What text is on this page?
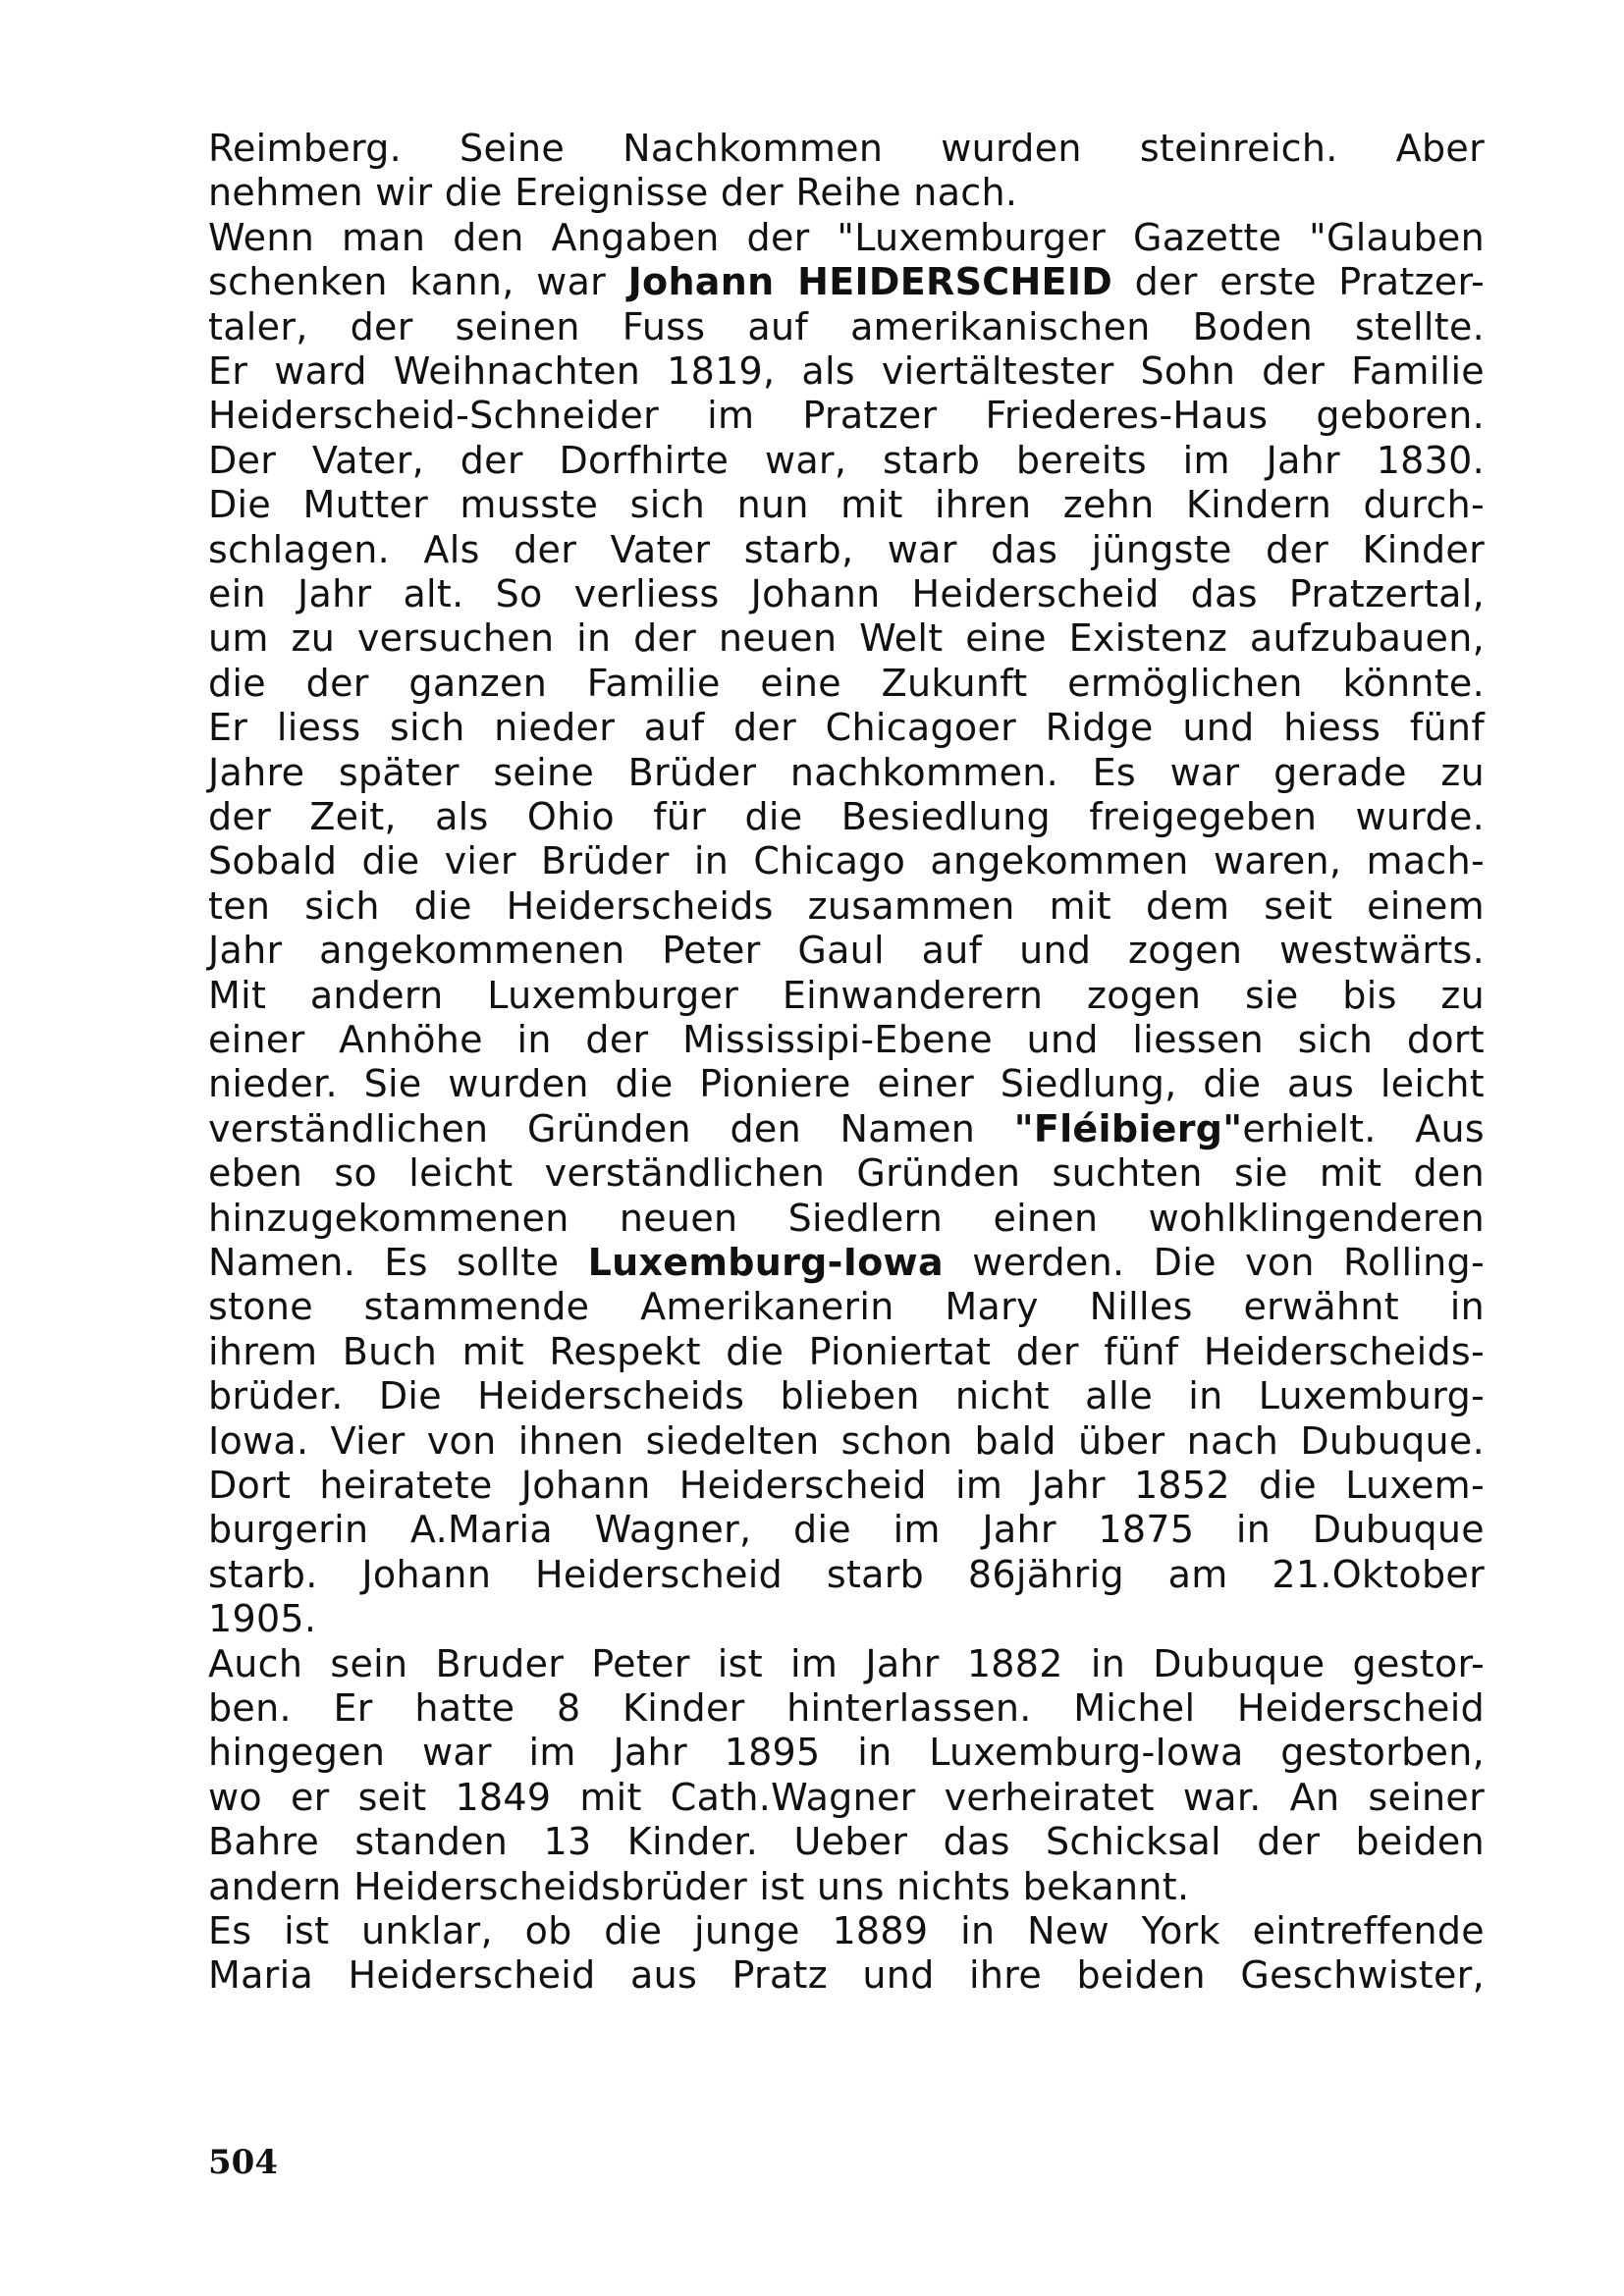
Reimberg. Seine Nachkommen wurden steinreich. Aber
nehmen wir die Ereignisse der Reihe nach.
Wenn man den Angaben der "Luxemburger Gazette "Glauben
schenken kann, war Johann HEIDERSCHEID der erste Pratzer-
taler, der seinen Fuss auf amerikanischen Boden stellte.
Er ward Weihnachten 1819, als viertältester Sohn der Familie
Heiderscheid-Schneider im Pratzer Friederes-Haus geboren.
Der Vater, der Dorfhirte war, starb bereits im Jahr 1830.
Die Mutter musste sich nun mit ihren zehn Kindern durch-
schlagen. Als der Vater starb, war das jüngste der Kinder
ein Jahr alt. So verliess Johann Heiderscheid das Pratzertal,
um zu versuchen in der neuen Welt eine Existenz aufzubauen,
die der ganzen Familie eine Zukunft ermöglichen könnte.
Er liess sich nieder auf der Chicagoer Ridge und hiess fünf
Jahre später seine Brüder nachkommen. Es war gerade zu
der Zeit, als Ohio für die Besiedlung freigegeben wurde.
Sobald die vier Brüder in Chicago angekommen waren, mach-
ten sich die Heiderscheids zusammen mit dem seit einem
Jahr angekommenen Peter Gaul auf und zogen westwärts.
Mit andern Luxemburger Einwanderern zogen sie bis zu
einer Anhöhe in der Mississipi-Ebene und liessen sich dort
nieder. Sie wurden die Pioniere einer Siedlung, die aus leicht
verständlichen Gründen den Namen "Fléibierg"erhielt. Aus
eben so leicht verständlichen Gründen suchten sie mit den
hinzugekommenen neuen Siedlern einen wohlklingenderen
Namen. Es sollte Luxemburg-Iowa werden. Die von Rolling-
stone stammende Amerikanerin Mary Nilles erwähnt in
ihrem Buch mit Respekt die Pioniertat der fünf Heiderscheids-
brüder. Die Heiderscheids blieben nicht alle in Luxemburg-
Iowa. Vier von ihnen siedelten schon bald über nach Dubuque.
Dort heiratete Johann Heiderscheid im Jahr 1852 die Luxem-
burgerin A.Maria Wagner, die im Jahr 1875 in Dubuque
starb. Johann Heiderscheid starb 86jährig am 21.Oktober
1905.
Auch sein Bruder Peter ist im Jahr 1882 in Dubuque gestor-
ben. Er hatte 8 Kinder hinterlassen. Michel Heiderscheid
hingegen war im Jahr 1895 in Luxemburg-Iowa gestorben,
wo er seit 1849 mit Cath.Wagner verheiratet war. An seiner
Bahre standen 13 Kinder. Ueber das Schicksal der beiden
andern Heiderscheidsbrüder ist uns nichts bekannt.
Es ist unklar, ob die junge 1889 in New York eintreffende
Maria Heiderscheid aus Pratz und ihre beiden Geschwister,
504
